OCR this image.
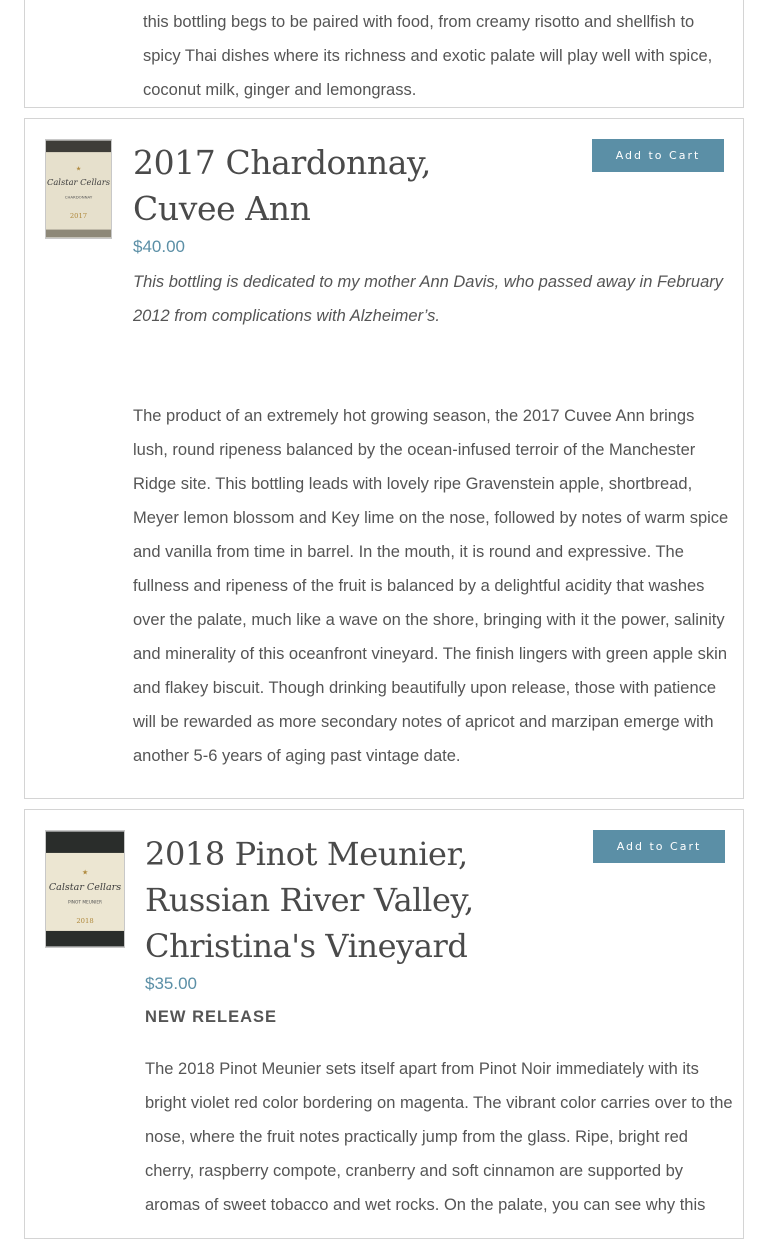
this bottling begs to be paired with food, from creamy risotto and shellfish to spicy Thai dishes where its richness and exotic palate will play well with spice, coconut milk, ginger and lemongrass.

★
Calstar Cellars
CHARDONNAY
2017
2017 Chardonnay, Cuvee Ann
Add to Cart
$40.00

This bottling is dedicated to my mother Ann Davis, who passed away in February 2012 from complications with Alzheimer’s.

The product of an extremely hot growing season, the 2017 Cuvee Ann brings lush, round ripeness balanced by the ocean-infused terroir of the Manchester Ridge site. This bottling leads with lovely ripe Gravenstein apple, shortbread, Meyer lemon blossom and Key lime on the nose, followed by notes of warm spice and vanilla from time in barrel. In the mouth, it is round and expressive. The fullness and ripeness of the fruit is balanced by a delightful acidity that washes over the palate, much like a wave on the shore, bringing with it the power, salinity and minerality of this oceanfront vineyard. The finish lingers with green apple skin and flakey biscuit. Though drinking beautifully upon release, those with patience will be rewarded as more secondary notes of apricot and marzipan emerge with another 5-6 years of aging past vintage date.

★
Calstar Cellars
PINOT MEUNIER
2018
2018 Pinot Meunier, Russian River Valley, Christina's Vineyard
Add to Cart
$35.00
NEW RELEASE

The 2018 Pinot Meunier sets itself apart from Pinot Noir immediately with its bright violet red color bordering on magenta. The vibrant color carries over to the nose, where the fruit notes practically jump from the glass. Ripe, bright red cherry, raspberry compote, cranberry and soft cinnamon are supported by aromas of sweet tobacco and wet rocks. On the palate, you can see why this
